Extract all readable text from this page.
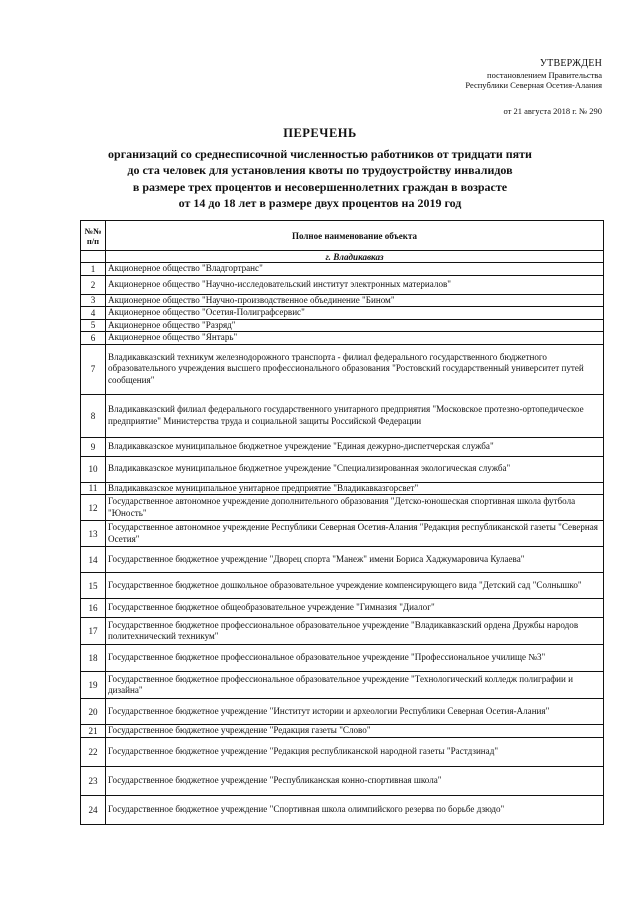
УТВЕРЖДЕН
постановлением Правительства
Республики Северная Осетия-Алания
от 21 августа 2018 г. № 290
ПЕРЕЧЕНЬ
организаций со среднесписочной численностью работников от тридцати пяти
до ста человек для установления квоты по трудоустройству инвалидов
в размере трех процентов и несовершеннолетних граждан в возрасте
от 14 до 18 лет в размере двух процентов на 2019 год
№№
п/п	Полное наименование объекта
	г. Владикавказ
1	Акционерное общество "Владгортранс"
2	Акционерное общество "Научно-исследовательский институт электронных материалов"
3	Акционерное общество "Научно-производственное объединение "Бином"
4	Акционерное общество "Осетия-Полиграфсервис"
5	Акционерное общество "Разряд"
6	Акционерное общество "Янтарь"
7	Владикавказский техникум железнодорожного транспорта - филиал федерального государственного бюджетного образовательного учреждения высшего профессионального образования "Ростовский государственный университет путей сообщения"
8	Владикавказский филиал федерального государственного унитарного предприятия "Московское протезно-ортопедическое предприятие" Министерства труда и социальной защиты Российской Федерации
9	Владикавказское муниципальное бюджетное учреждение "Единая дежурно-диспетчерская служба"
10	Владикавказское муниципальное бюджетное учреждение "Специализированная экологическая служба"
11	Владикавказское муниципальное унитарное предприятие "Владикавказгорсвет"
12	Государственное автономное учреждение дополнительного образования "Детско-юношеская спортивная школа футбола "Юность"
13	Государственное автономное учреждение Республики Северная Осетия-Алания "Редакция республиканской газеты "Северная Осетия"
14	Государственное бюджетное учреждение "Дворец спорта "Манеж" имени Бориса Хаджумаровича Кулаева"
15	Государственное бюджетное дошкольное образовательное учреждение компенсирующего вида "Детский сад "Солнышко"
16	Государственное бюджетное общеобразовательное учреждение "Гимназия "Диалог"
17	Государственное бюджетное профессиональное образовательное учреждение "Владикавказский ордена Дружбы народов политехнический техникум"
18	Государственное бюджетное профессиональное образовательное учреждение "Профессиональное училище №3"
19	Государственное бюджетное профессиональное образовательное учреждение "Технологический колледж полиграфии и дизайна"
20	Государственное бюджетное учреждение "Институт истории и археологии Республики Северная Осетия-Алания"
21	Государственное бюджетное учреждение "Редакция газеты "Слово"
22	Государственное бюджетное учреждение "Редакция республиканской народной газеты "Растдзинад"
23	Государственное бюджетное учреждение "Республиканская конно-спортивная школа"
24	Государственное бюджетное учреждение "Спортивная школа олимпийского резерва по борьбе дзюдо"
